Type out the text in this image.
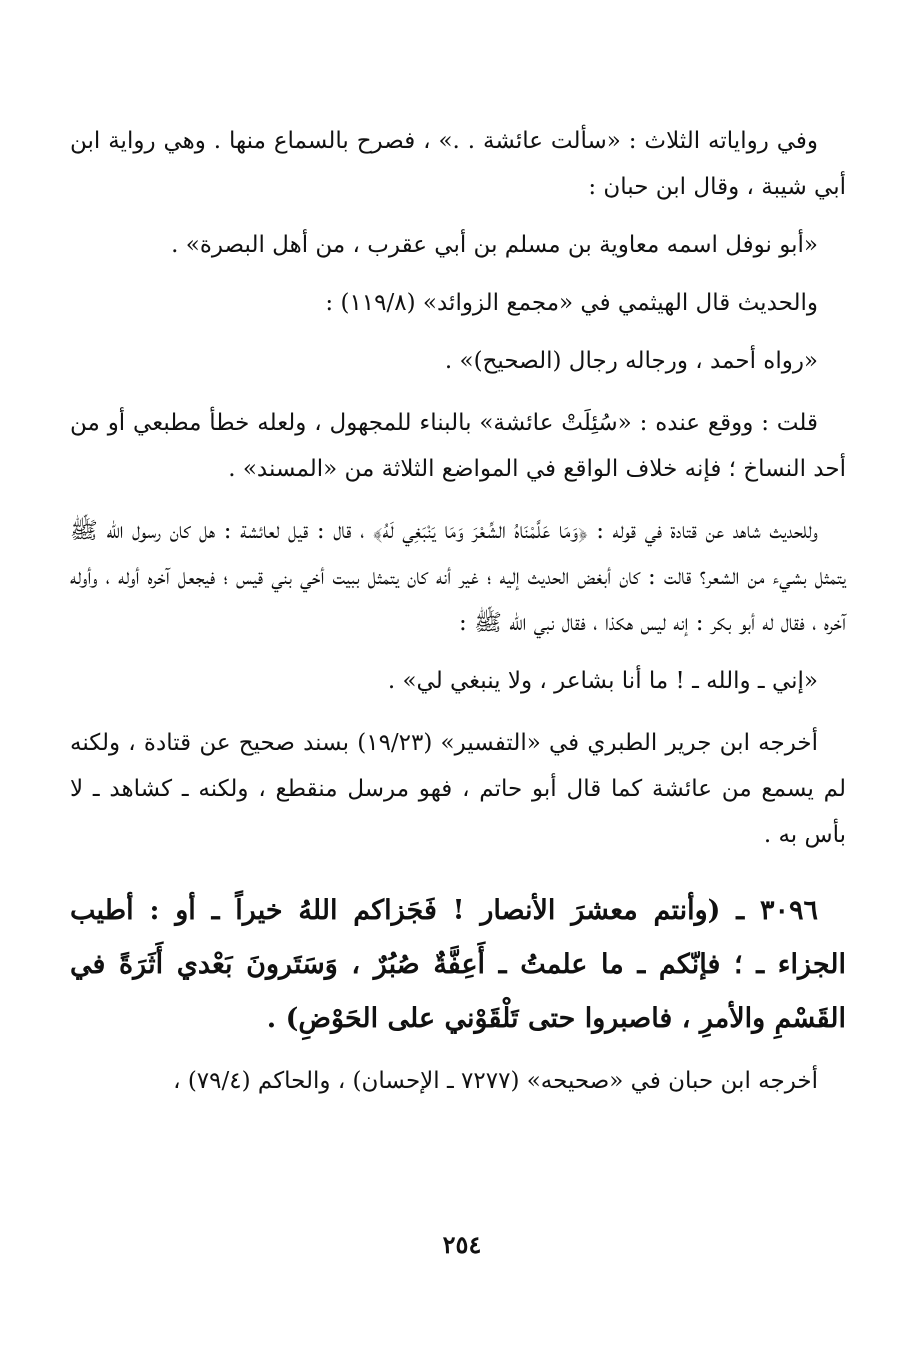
وفي رواياته الثلاث : «سألت عائشة . .» ، فصرح بالسماع منها . وهي رواية ابن أبي شيبة ، وقال ابن حبان :

«أبو نوفل اسمه معاوية بن مسلم بن أبي عقرب ، من أهل البصرة» .

والحديث قال الهيثمي في «مجمع الزوائد» (١١٩/٨) :

«رواه أحمد ، ورجاله رجال (الصحيح)» .

قلت : ووقع عنده : «سُئِلَتْ عائشة» بالبناء للمجهول ، ولعله خطأ مطبعي أو من أحد النساخ ؛ فإنه خلاف الواقع في المواضع الثلاثة من «المسند» .

وللحديث شاهد عن قتادة في قوله : ﴿وَمَا عَلَّمْنَاهُ الشِّعْرَ وَمَا يَنْبَغِي لَهُ﴾ ، قال : قيل لعائشة : هل كان رسول الله ﷺ يتمثل بشيء من الشعر؟ قالت : كان أبغض الحديث إليه ؛ غير أنه كان يتمثل ببيت أخي بني قيس ؛ فيجعل آخره أوله ، وأوله آخره ، فقال له أبو بكر : إنه ليس هكذا ، فقال نبي الله ﷺ :

«إني ـ والله ـ ! ما أنا بشاعر ، ولا ينبغي لي» .

أخرجه ابن جرير الطبري في «التفسير» (١٩/٢٣) بسند صحيح عن قتادة ، ولكنه لم يسمع من عائشة كما قال أبو حاتم ، فهو مرسل منقطع ، ولكنه ـ كشاهد ـ لا بأس به .

٣٠٩٦ ـ (وأنتم معشرَ الأنصار ! فَجَزاكم اللهُ خيراً ـ أو : أطيب الجزاء ـ ؛ فإنّكم ـ ما علمتُ ـ أَعِفَّةٌ صُبُرٌ ، وَسَتَرونَ بَعْدي أَثَرَةً في القَسْمِ والأمرِ ، فاصبروا حتى تَلْقَوْني على الحَوْضِ) .

أخرجه ابن حبان في «صحيحه» (٧٢٧٧ ـ الإحسان) ، والحاكم (٧٩/٤) ،

٢٥٤
